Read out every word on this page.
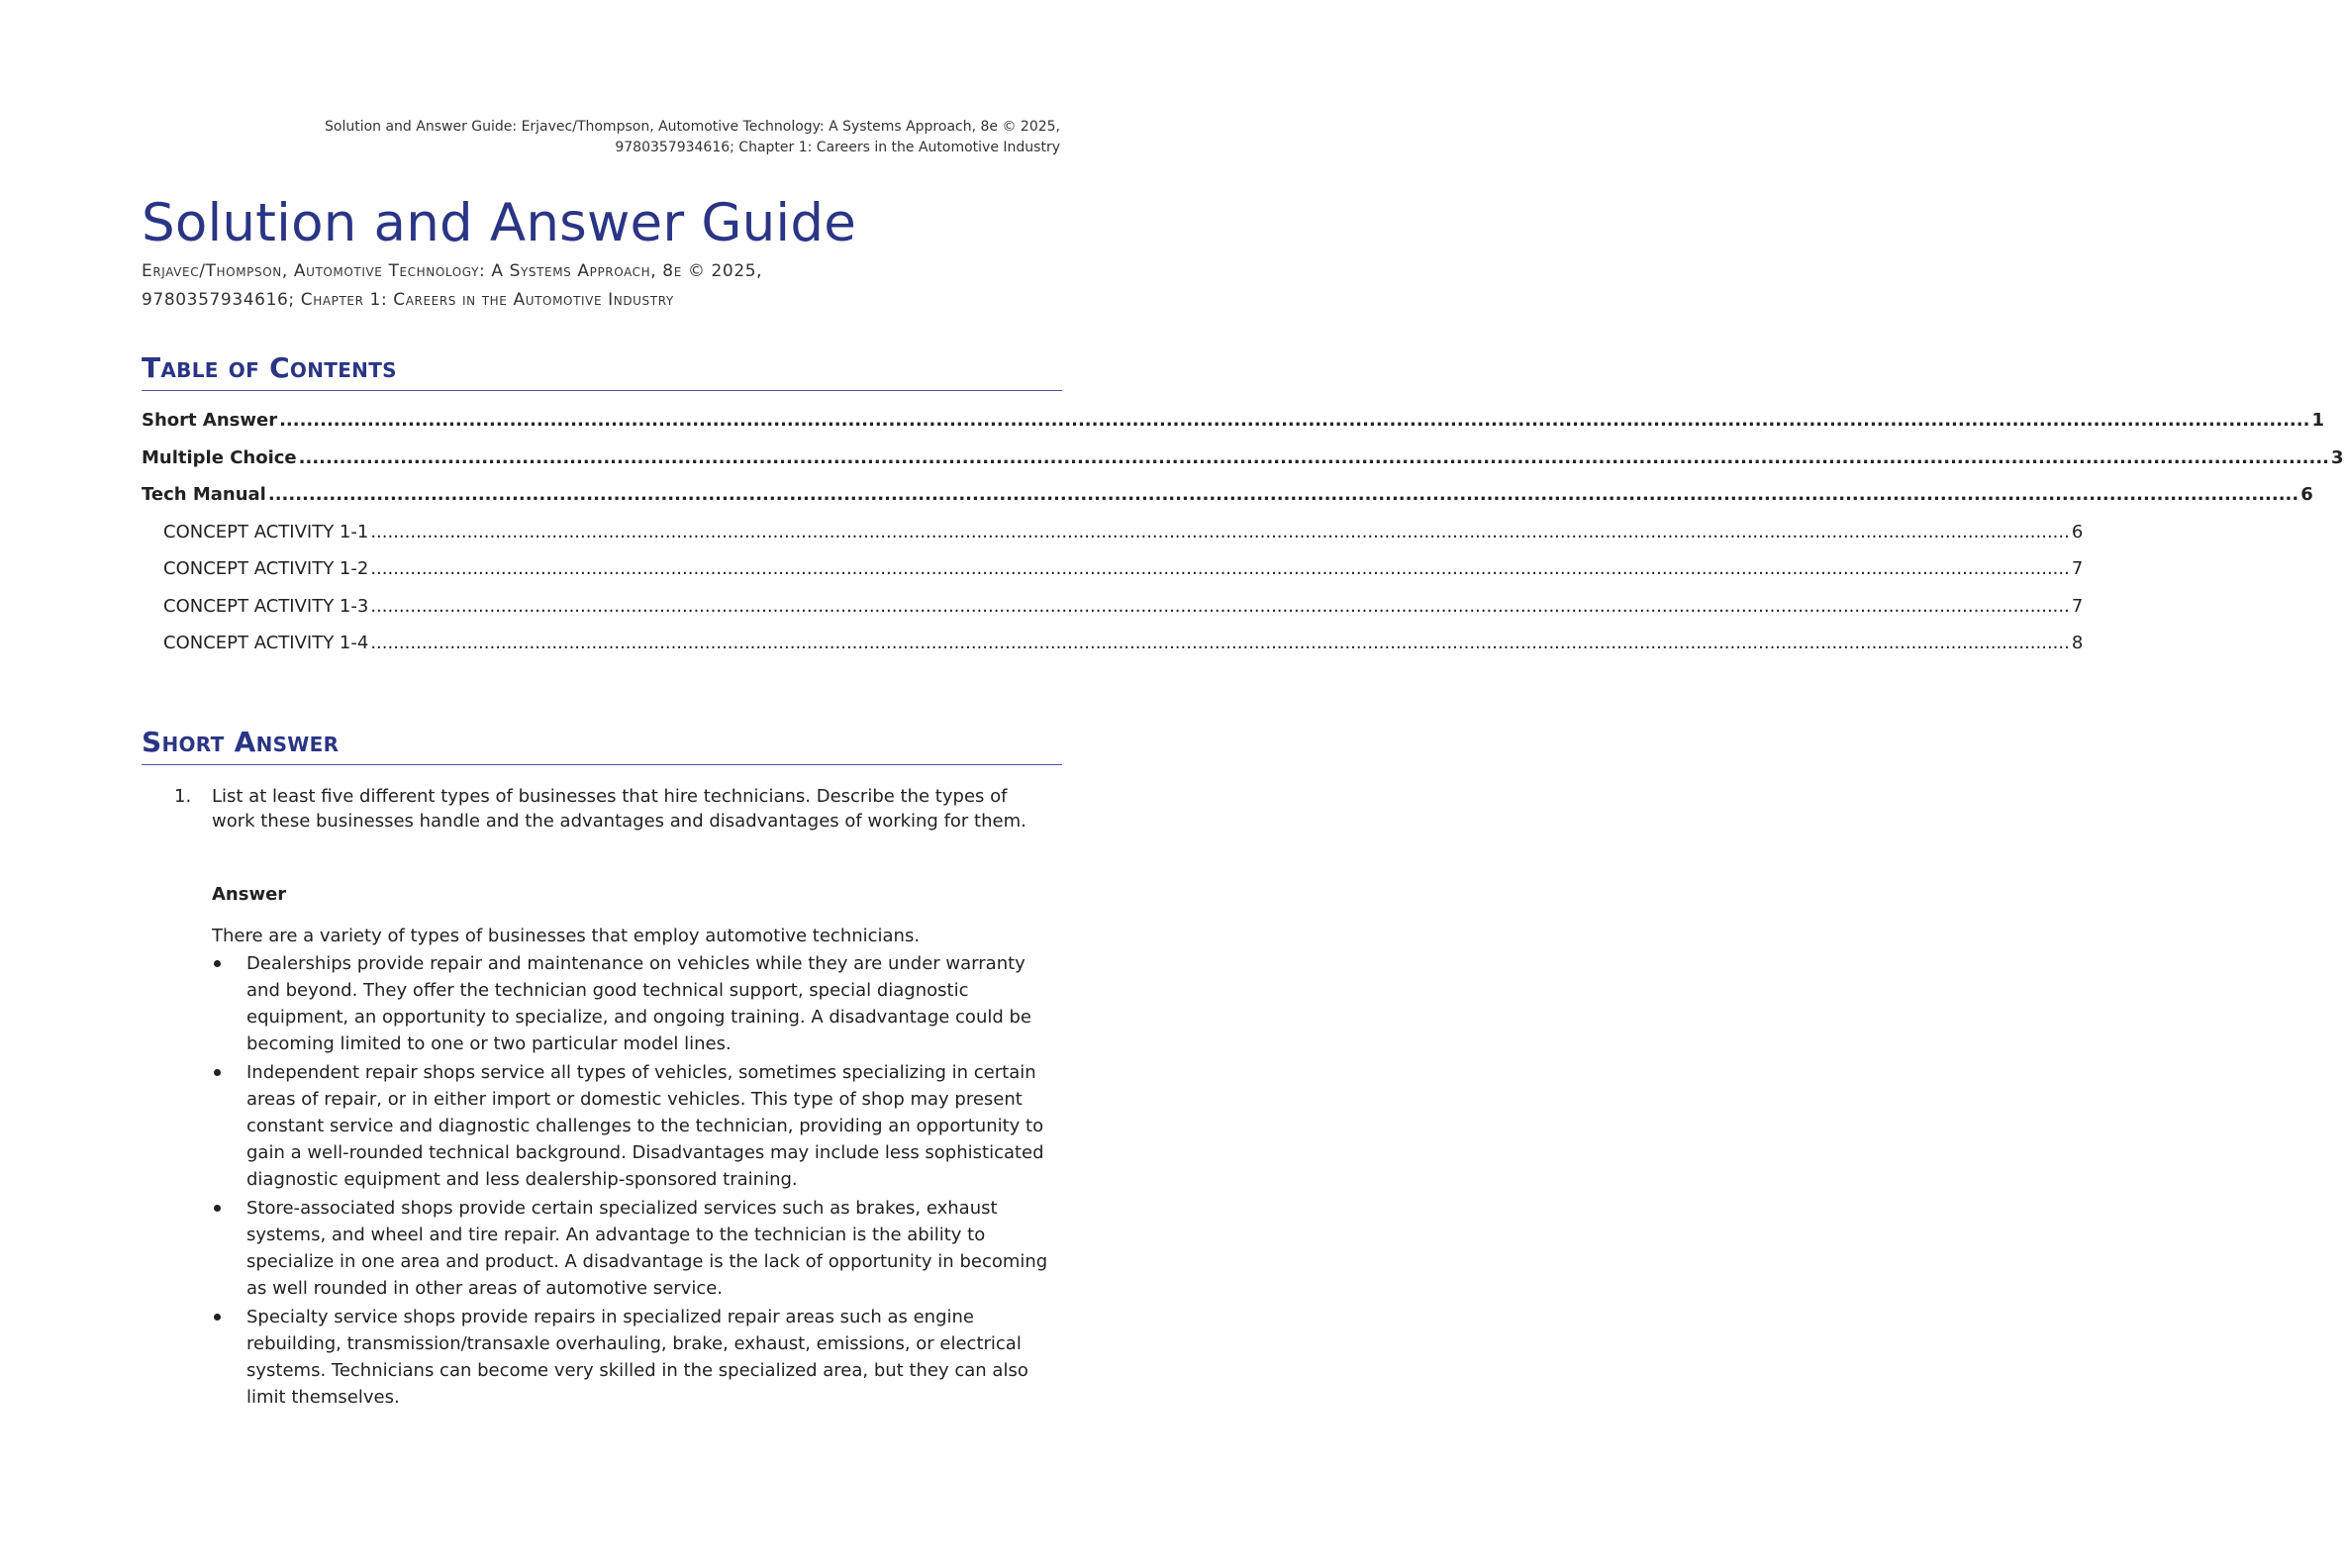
Solution and Answer Guide: Erjavec/Thompson, Automotive Technology: A Systems Approach, 8e © 2025,
9780357934616; Chapter 1: Careers in the Automotive Industry
Solution and Answer Guide
Erjavec/Thompson, Automotive Technology: A Systems Approach, 8e © 2025,
9780357934616; Chapter 1: Careers in the Automotive Industry
Table of Contents
Short Answer ............................................................................................................................................................................................................................................................................................................ 1
Multiple Choice ............................................................................................................................................................................................................................................................................................................ 3
Tech Manual ............................................................................................................................................................................................................................................................................................................ 6
CONCEPT ACTIVITY 1-1 ............................................................................................................................................................................................................................................................................................................ 6
CONCEPT ACTIVITY 1-2 ............................................................................................................................................................................................................................................................................................................ 7
CONCEPT ACTIVITY 1-3 ............................................................................................................................................................................................................................................................................................................ 7
CONCEPT ACTIVITY 1-4 ............................................................................................................................................................................................................................................................................................................ 8
Short Answer
1. List at least five different types of businesses that hire technicians. Describe the types of work these businesses handle and the advantages and disadvantages of working for them.
Answer
There are a variety of types of businesses that employ automotive technicians.
Dealerships provide repair and maintenance on vehicles while they are under warranty and beyond. They offer the technician good technical support, special diagnostic equipment, an opportunity to specialize, and ongoing training. A disadvantage could be becoming limited to one or two particular model lines.
Independent repair shops service all types of vehicles, sometimes specializing in certain areas of repair, or in either import or domestic vehicles. This type of shop may present constant service and diagnostic challenges to the technician, providing an opportunity to gain a well-rounded technical background. Disadvantages may include less sophisticated diagnostic equipment and less dealership-sponsored training.
Store-associated shops provide certain specialized services such as brakes, exhaust systems, and wheel and tire repair. An advantage to the technician is the ability to specialize in one area and product. A disadvantage is the lack of opportunity in becoming as well rounded in other areas of automotive service.
Specialty service shops provide repairs in specialized repair areas such as engine rebuilding, transmission/transaxle overhauling, brake, exhaust, emissions, or electrical systems. Technicians can become very skilled in the specialized area, but they can also limit themselves.
